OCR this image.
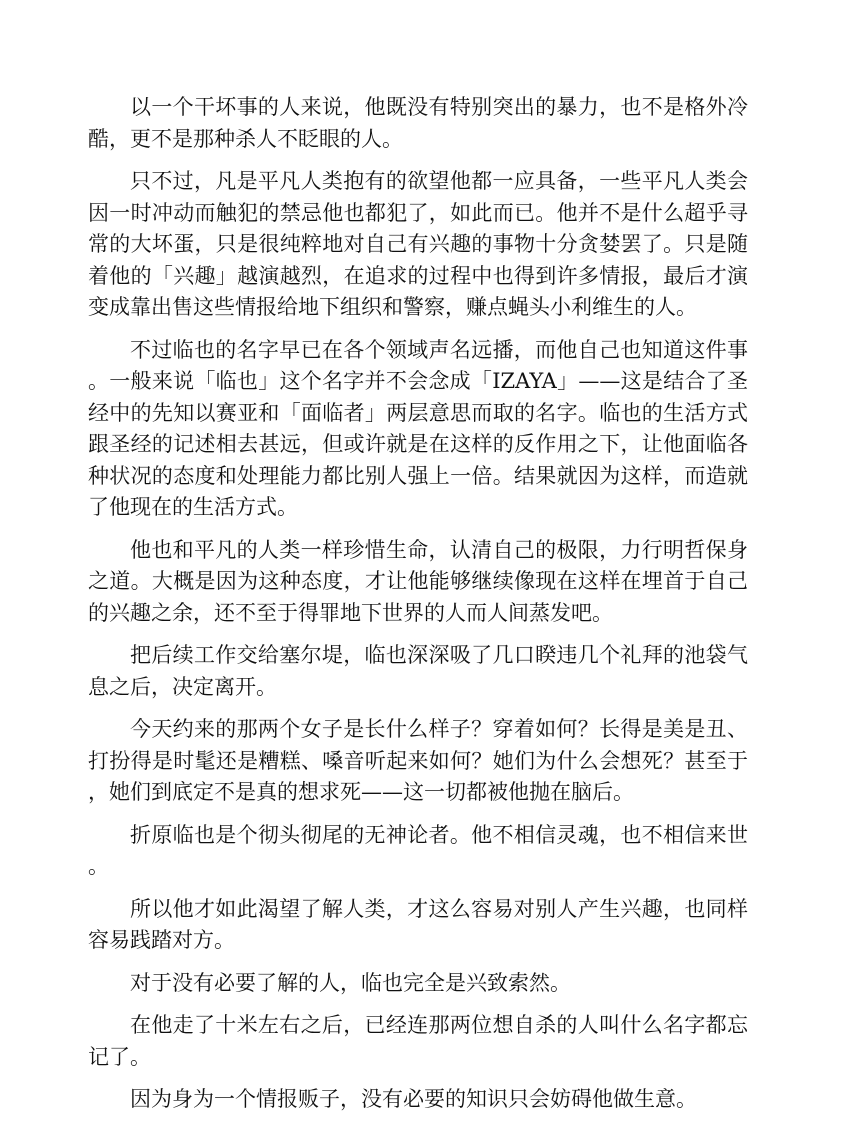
以一个干坏事的人来说，他既没有特别突出的暴力，也不是格外冷酷，更不是那种杀人不眨眼的人。

只不过，凡是平凡人类抱有的欲望他都一应具备，一些平凡人类会因一时冲动而触犯的禁忌他也都犯了，如此而已。他并不是什么超乎寻常的大坏蛋，只是很纯粹地对自己有兴趣的事物十分贪婪罢了。只是随着他的「兴趣」越演越烈，在追求的过程中也得到许多情报，最后才演变成靠出售这些情报给地下组织和警察，赚点蝇头小利维生的人。

不过临也的名字早已在各个领域声名远播，而他自己也知道这件事。一般来说「临也」这个名字并不会念成「IZAYA」——这是结合了圣经中的先知以赛亚和「面临者」两层意思而取的名字。临也的生活方式跟圣经的记述相去甚远，但或许就是在这样的反作用之下，让他面临各种状况的态度和处理能力都比别人强上一倍。结果就因为这样，而造就了他现在的生活方式。

他也和平凡的人类一样珍惜生命，认清自己的极限，力行明哲保身之道。大概是因为这种态度，才让他能够继续像现在这样在埋首于自己的兴趣之余，还不至于得罪地下世界的人而人间蒸发吧。

把后续工作交给塞尔堤，临也深深吸了几口睽违几个礼拜的池袋气息之后，决定离开。

今天约来的那两个女子是长什么样子？穿着如何？长得是美是丑、打扮得是时髦还是糟糕、嗓音听起来如何？她们为什么会想死？甚至于，她们到底定不是真的想求死——这一切都被他抛在脑后。

折原临也是个彻头彻尾的无神论者。他不相信灵魂，也不相信来世。

所以他才如此渴望了解人类，才这么容易对别人产生兴趣，也同样容易践踏对方。

对于没有必要了解的人，临也完全是兴致索然。

在他走了十米左右之后，已经连那两位想自杀的人叫什么名字都忘记了。

因为身为一个情报贩子，没有必要的知识只会妨碍他做生意。
